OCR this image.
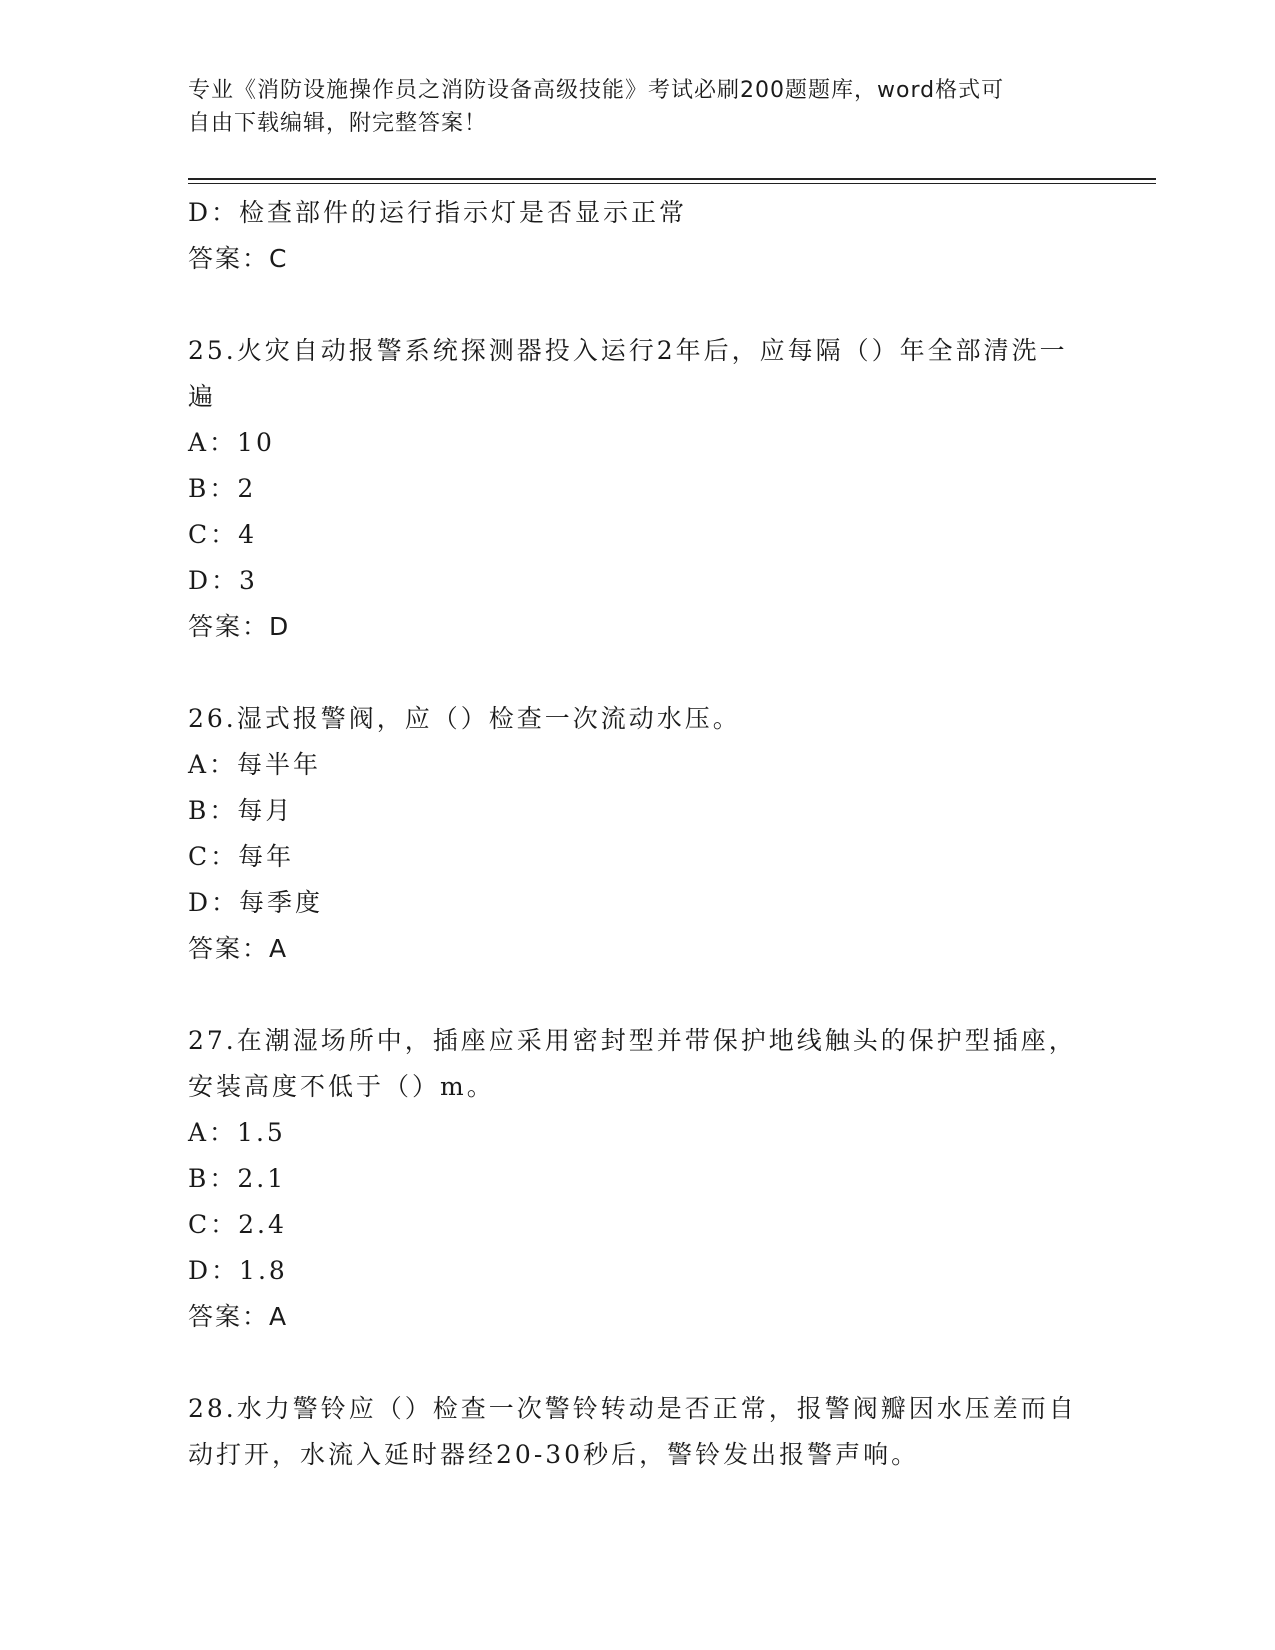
专业《消防设施操作员之消防设备高级技能》考试必刷200题题库，word格式可
自由下载编辑，附完整答案！
D：检查部件的运行指示灯是否显示正常
答案：C
25.火灾自动报警系统探测器投入运行2年后，应每隔（）年全部清洗一遍
A：10
B：2
C：4
D：3
答案：D
26.湿式报警阀，应（）检查一次流动水压。
A：每半年
B：每月
C：每年
D：每季度
答案：A
27.在潮湿场所中，插座应采用密封型并带保护地线触头的保护型插座，安装高度不低于（）m。
A：1.5
B：2.1
C：2.4
D：1.8
答案：A
28.水力警铃应（）检查一次警铃转动是否正常，报警阀瓣因水压差而自动打开，水流入延时器经20-30秒后，警铃发出报警声响。
